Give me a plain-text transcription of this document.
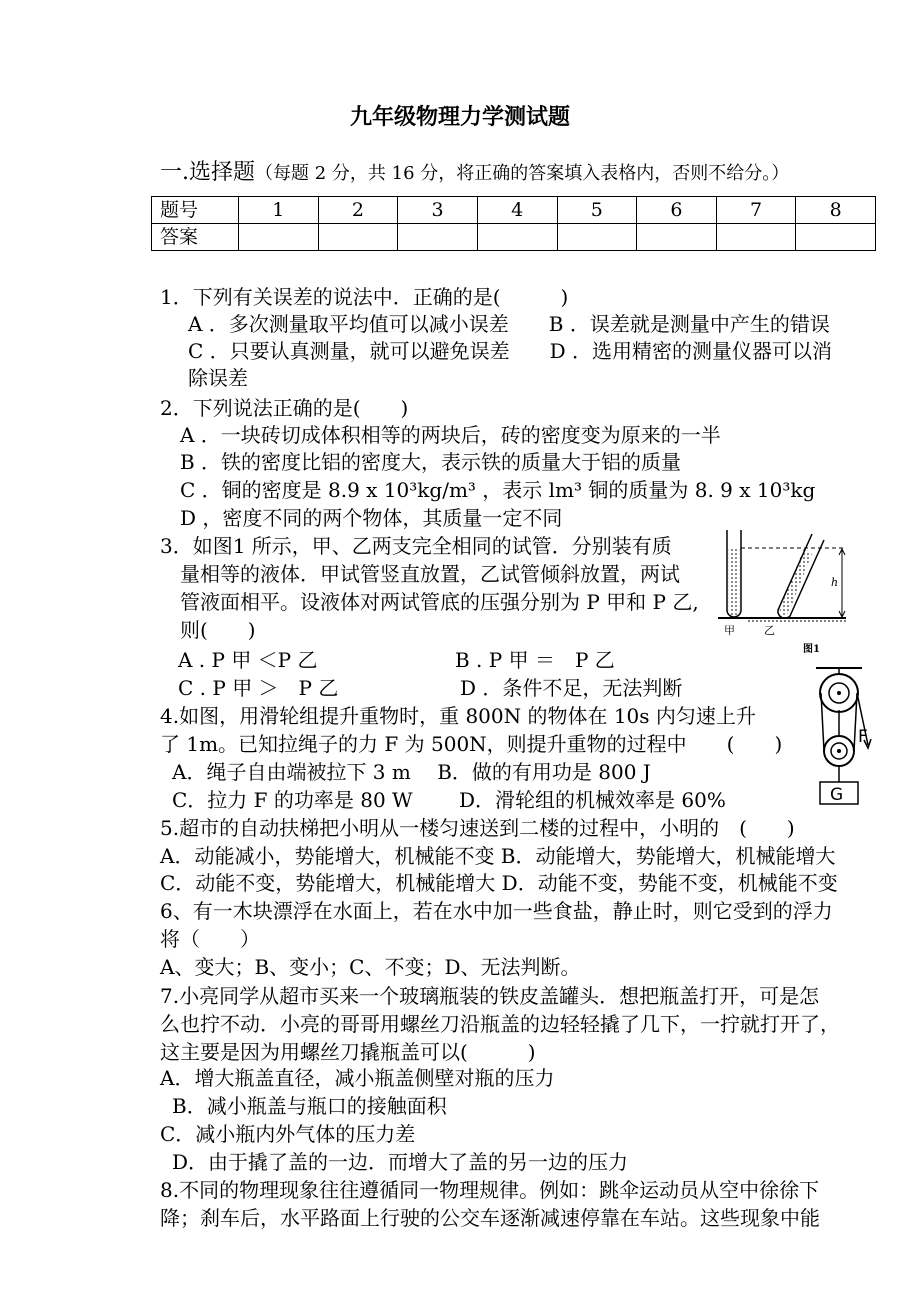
九年级物理力学测试题
一.选择题（每题 2 分，共 16 分，将正确的答案填入表格内，否则不给分。）
题号	1	2	3	4	5	6	7	8
答案								
1．下列有关误差的说法中．正确的是(　　　)
A ．多次测量取平均值可以减小误差　　B ．误差就是测量中产生的错误
C ．只要认真测量，就可以避免误差　　D ．选用精密的测量仪器可以消
除误差
2．下列说法正确的是(　　)
A ．一块砖切成体积相等的两块后，砖的密度变为原来的一半
B ．铁的密度比铝的密度大，表示铁的质量大于铝的质量
C ．铜的密度是 8.9 x 10³kg/m³ ，表示 lm³ 铜的质量为 8. 9 x 10³kg
D ，密度不同的两个物体，其质量一定不同
3．如图1 所示，甲、乙两支完全相同的试管．分别装有质
量相等的液体．甲试管竖直放置，乙试管倾斜放置，两试
管液面相平。设液体对两试管底的压强分别为 P 甲和 P 乙,
则(　　)
A . P 甲 ＜P 乙	B . P 甲 ＝　P 乙
C . P 甲 ＞　P 乙	D ．条件不足，无法判断
4.如图，用滑轮组提升重物时，重 800N 的物体在 10s 内匀速上升
了 1m。已知拉绳子的力 F 为 500N，则提升重物的过程中　　(　　)
A．绳子自由端被拉下 3 m　 B．做的有用功是 800 J
C．拉力 F 的功率是 80 W　　 D．滑轮组的机械效率是 60%
5.超市的自动扶梯把小明从一楼匀速送到二楼的过程中，小明的　(　　)
A．动能减小，势能增大，机械能不变 B．动能增大，势能增大，机械能增大
C．动能不变，势能增大，机械能增大 D．动能不变，势能不变，机械能不变
6、有一木块漂浮在水面上，若在水中加一些食盐，静止时，则它受到的浮力
将（　　）
A、变大；B、变小；C、不变；D、无法判断。
7.小亮同学从超市买来一个玻璃瓶装的铁皮盖罐头．想把瓶盖打开，可是怎
么也拧不动．小亮的哥哥用螺丝刀沿瓶盖的边轻轻撬了几下，一拧就打开了，
这主要是因为用螺丝刀撬瓶盖可以(　　　)
A．增大瓶盖直径，减小瓶盖侧壁对瓶的压力
B．减小瓶盖与瓶口的接触面积
C．减小瓶内外气体的压力差
D．由于撬了盖的一边．而增大了盖的另一边的压力
8.不同的物理现象往往遵循同一物理规律。例如：跳伞运动员从空中徐徐下
降；刹车后，水平路面上行驶的公交车逐渐减速停靠在车站。这些现象中能
h
甲	乙
图1
F
G
